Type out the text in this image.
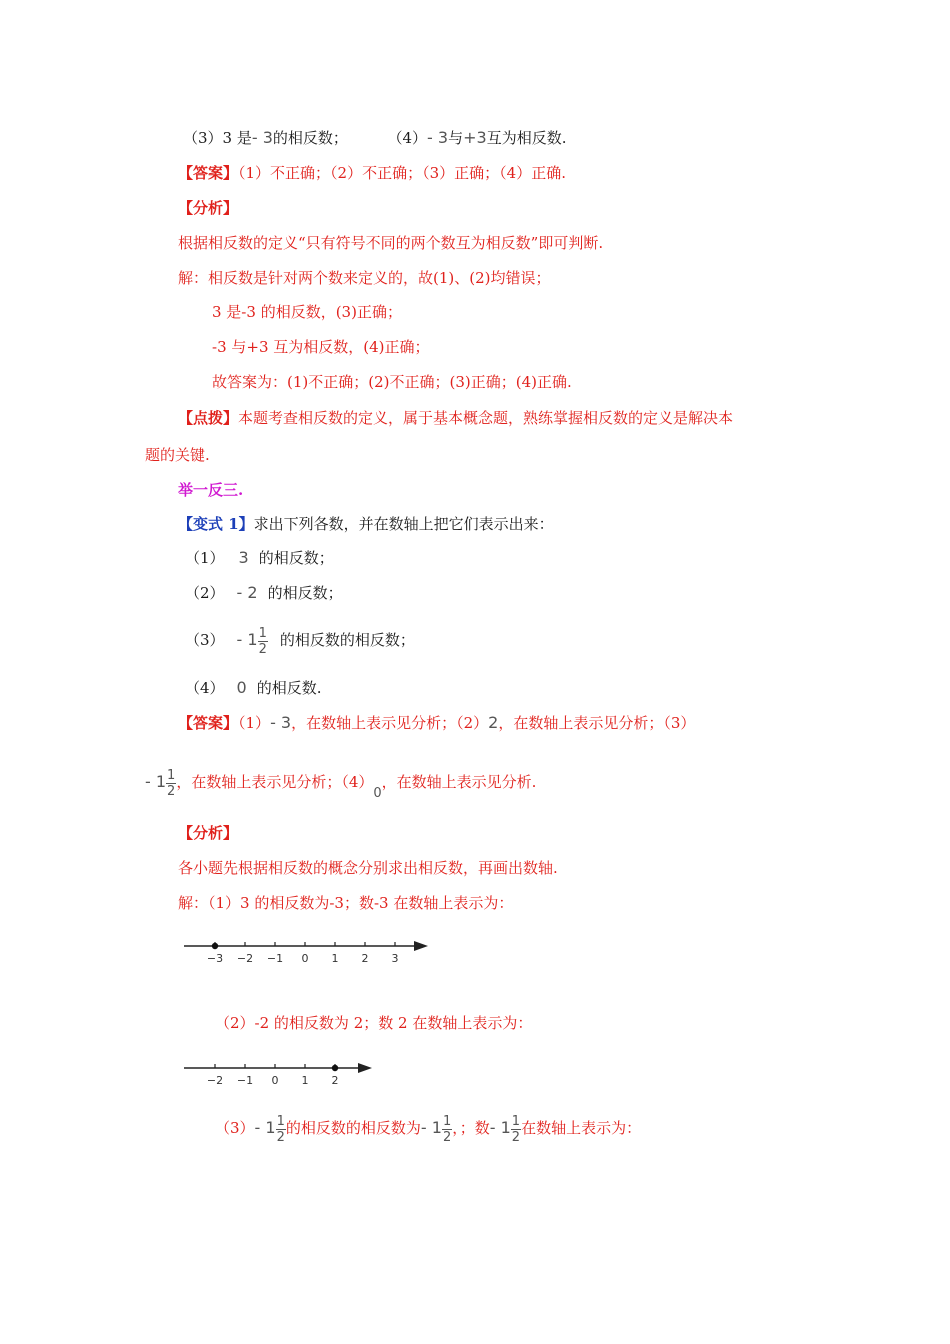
（3）3 是- 3的相反数；	（4）- 3与+3互为相反数.
【答案】（1）不正确；（2）不正确；（3）正确；（4）正确.
【分析】
根据相反数的定义“只有符号不同的两个数互为相反数”即可判断.
解：相反数是针对两个数来定义的，故(1)、(2)均错误；
3 是-3 的相反数，(3)正确；
-3 与+3 互为相反数，(4)正确；
故答案为：(1)不正确；(2)不正确；(3)正确；(4)正确.
【点拨】本题考查相反数的定义，属于基本概念题，熟练掌握相反数的定义是解决本
题的关键.
举一反三.
【变式 1】求出下列各数，并在数轴上把它们表示出来：
（1） 3 的相反数；
（2） - 2 的相反数；
$(3) - 1 \frac{1}{2}$ 的相反数的相反数；
（4） 0 的相反数.
【答案】（1）- 3，在数轴上表示见分析；（2）2，在数轴上表示见分析；（3）
- $1 \frac{1}{2}$ ，在数轴上表示见分析；（4）0，在数轴上表示见分析.
【分析】
各小题先根据相反数的概念分别求出相反数，再画出数轴.
解：（1）3 的相反数为-3；数-3 在数轴上表示为：
−3 −2 −1 0 1 2 3
（2）-2 的相反数为 2；数 2 在数轴上表示为：
−2 −1 0 1 2
（3）- $1 \frac{1}{2}$ 的相反数的相反数为- $1 \frac{1}{2}$ ，；数- $1 \frac{1}{2}$ 在数轴上表示为：
